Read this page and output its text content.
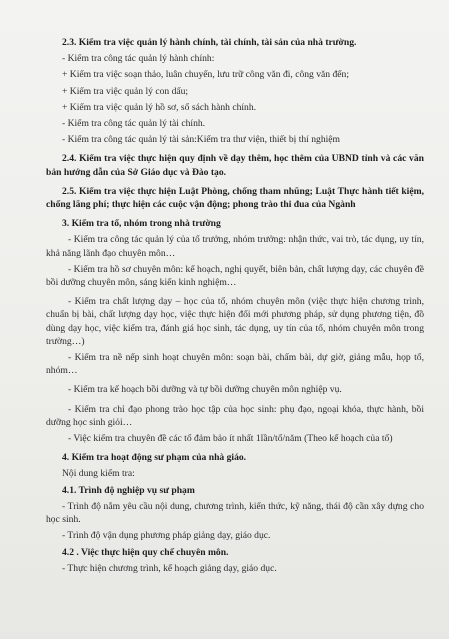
2.3. Kiểm tra việc quản lý hành chính, tài chính, tài sản của nhà trường.

- Kiểm tra công tác quản lý hành chính:

+ Kiểm tra việc soạn thảo, luân chuyển, lưu trữ công văn đi, công văn đến;

+ Kiểm tra việc quản lý con dấu;

+ Kiểm tra việc quản lý hồ sơ, sổ sách hành chính.

- Kiểm tra công tác quản lý tài chính.

- Kiểm tra công tác quản lý tài sản:Kiểm tra thư viện, thiết bị thí nghiệm

2.4. Kiểm tra việc thực hiện quy định về dạy thêm, học thêm của UBND tỉnh và các văn bản hướng dẫn của Sở Giáo dục và Đào tạo.

2.5. Kiểm tra việc thực hiện Luật Phòng, chống tham nhũng; Luật Thực hành tiết kiệm, chống lãng phí; thực hiện các cuộc vận động; phong trào thi đua của Ngành

3. Kiểm tra tổ, nhóm trong nhà trường

- Kiểm tra công tác quản lý của tổ trưởng, nhóm trưởng: nhận thức, vai trò, tác dụng, uy tín, khả năng lãnh đạo chuyên môn…

- Kiểm tra hồ sơ chuyên môn: kế hoạch, nghị quyết, biên bản, chất lượng dạy, các chuyên đề bồi dưỡng chuyên môn, sáng kiến kinh nghiệm…

- Kiểm tra chất lượng dạy – học của tổ, nhóm chuyên môn (việc thực hiện chương trình, chuẩn bị bài, chất lượng dạy học, việc thực hiện đổi mới phương pháp, sử dụng phương tiện, đồ dùng dạy học, việc kiểm tra, đánh giá học sinh, tác dụng, uy tín của tổ, nhóm chuyên môn trong trường…)

- Kiểm tra nề nếp sinh hoạt chuyên môn: soạn bài, chấm bài, dự giờ, giảng mẫu, họp tổ, nhóm…

- Kiểm tra kế hoạch bồi dưỡng và tự bồi dưỡng chuyên môn nghiệp vụ.

- Kiểm tra chỉ đạo phong trào học tập của học sinh: phụ đạo, ngoại khóa, thực hành, bồi dưỡng học sinh giỏi…

- Việc kiểm tra chuyên đề các tổ đảm bảo ít nhất 1lần/tổ/năm (Theo kế hoạch của tổ)

4. Kiểm tra hoạt động sư phạm của nhà giáo.

Nội dung kiểm tra:

4.1. Trình độ nghiệp vụ sư phạm

- Trình độ nắm yêu cầu nội dung, chương trình, kiến thức, kỹ năng, thái độ cần xây dựng cho học sinh.

- Trình độ vận dụng phương pháp giảng dạy, giáo dục.

4.2 . Việc thực hiện quy chế chuyên môn.

- Thực hiện chương trình, kế hoạch giảng dạy, giáo dục.
